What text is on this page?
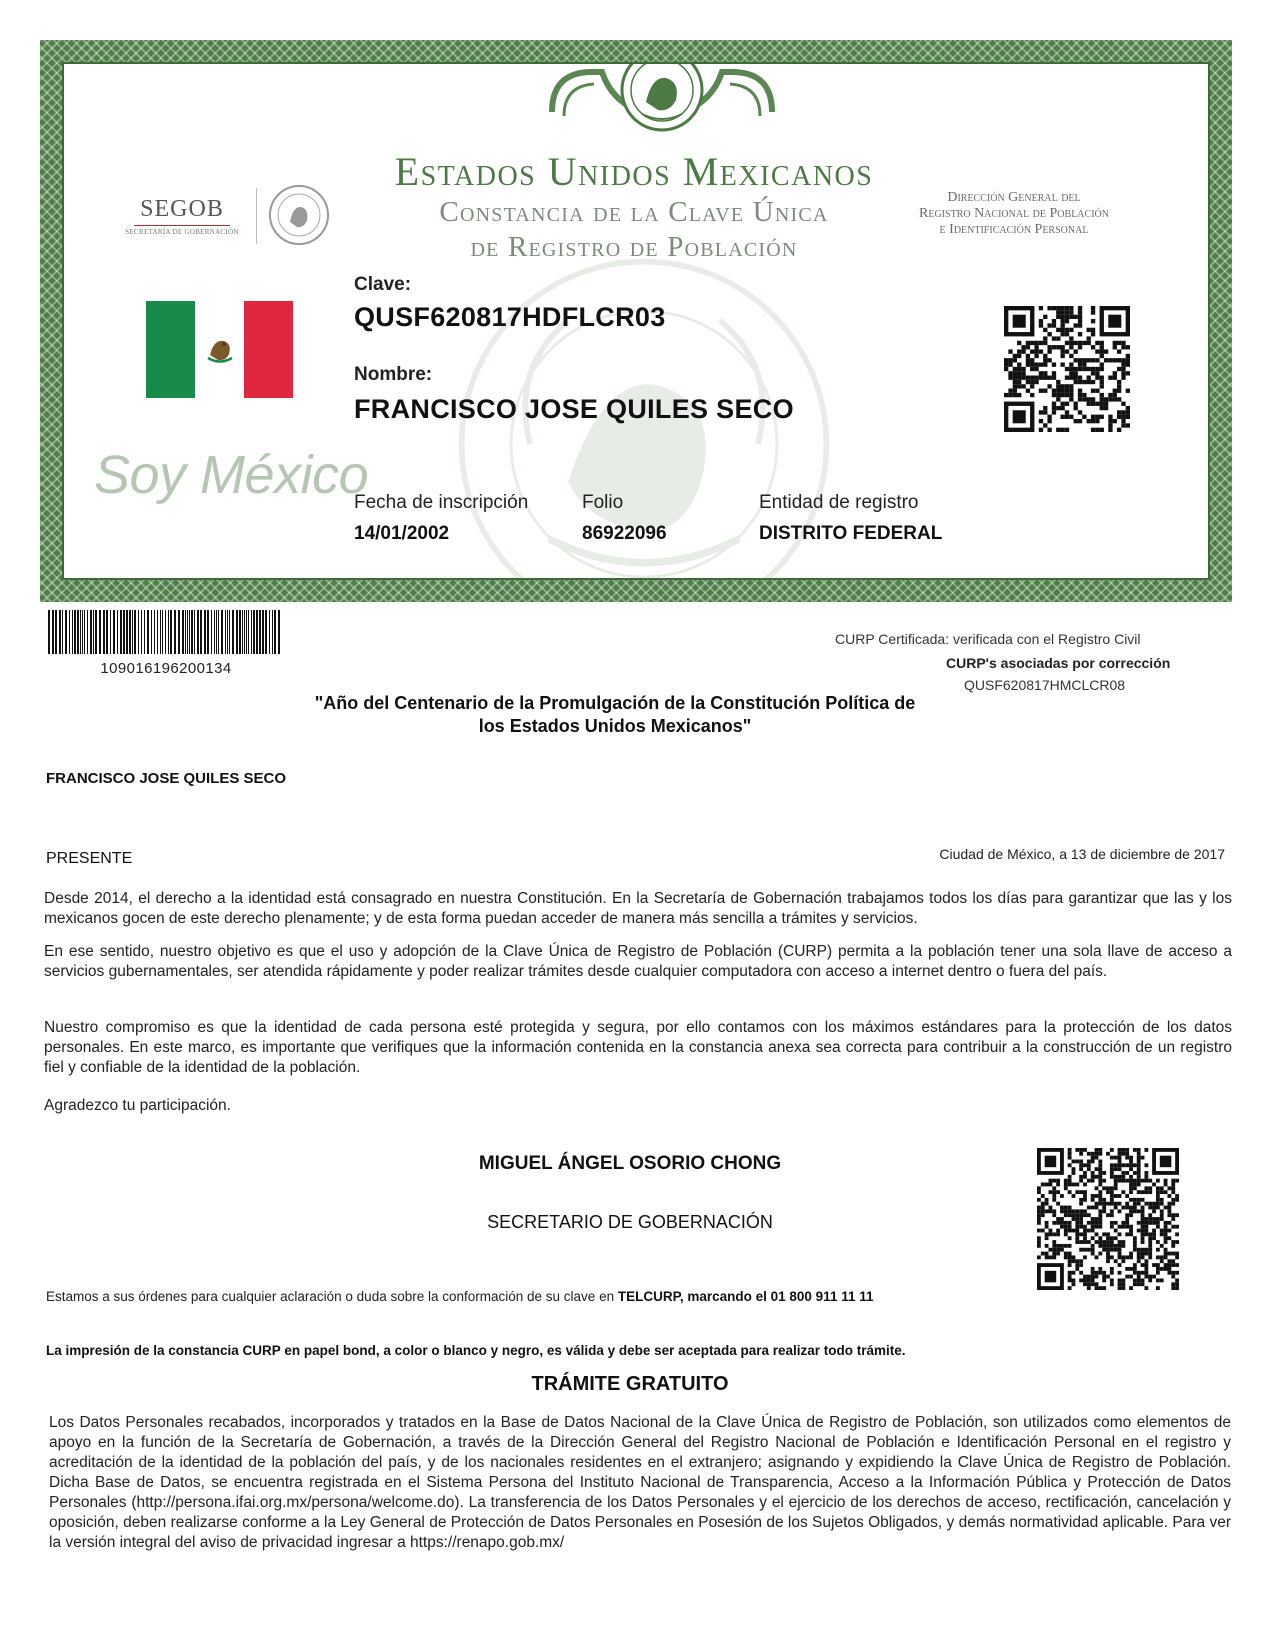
Estados Unidos Mexicanos
Constancia de la Clave Única
de Registro de Población
SEGOB
SECRETARÍA DE GOBERNACIÓN
Dirección General del
Registro Nacional de Población
e Identificación Personal
Soy México
Clave:
QUSF620817HDFLCR03
Nombre:
FRANCISCO JOSE QUILES SECO
Fecha de inscripción
14/01/2002
Folio
86922096
Entidad de registro
DISTRITO FEDERAL
109016196200134
CURP Certificada: verificada con el Registro Civil
CURP's asociadas por corrección
QUSF620817HMCLCR08
"Año del Centenario de la Promulgación de la Constitución Política de
los Estados Unidos Mexicanos"
FRANCISCO JOSE QUILES SECO
PRESENTE	Ciudad de México, a 13 de diciembre de 2017

Desde 2014, el derecho a la identidad está consagrado en nuestra Constitución. En la Secretaría de Gobernación trabajamos todos los días para garantizar que las y los mexicanos gocen de este derecho plenamente; y de esta forma puedan acceder de manera más sencilla a trámites y servicios.

En ese sentido, nuestro objetivo es que el uso y adopción de la Clave Única de Registro de Población (CURP) permita a la población tener una sola llave de acceso a servicios gubernamentales, ser atendida rápidamente y poder realizar trámites desde cualquier computadora con acceso a internet dentro o fuera del país.

Nuestro compromiso es que la identidad de cada persona esté protegida y segura, por ello contamos con los máximos estándares para la protección de los datos personales. En este marco, es importante que verifiques que la información contenida en la constancia anexa sea correcta para contribuir a la construcción de un registro fiel y confiable de la identidad de la población.

Agradezco tu participación.

MIGUEL ÁNGEL OSORIO CHONG
SECRETARIO DE GOBERNACIÓN
Estamos a sus órdenes para cualquier aclaración o duda sobre la conformación de su clave en TELCURP, marcando el 01 800 911 11 11
La impresión de la constancia CURP en papel bond, a color o blanco y negro, es válida y debe ser aceptada para realizar todo trámite.
TRÁMITE GRATUITO

Los Datos Personales recabados, incorporados y tratados en la Base de Datos Nacional de la Clave Única de Registro de Población, son utilizados como elementos de apoyo en la función de la Secretaría de Gobernación, a través de la Dirección General del Registro Nacional de Población e Identificación Personal en el registro y acreditación de la identidad de la población del país, y de los nacionales residentes en el extranjero; asignando y expidiendo la Clave Única de Registro de Población. Dicha Base de Datos, se encuentra registrada en el Sistema Persona del Instituto Nacional de Transparencia, Acceso a la Información Pública y Protección de Datos Personales (http://persona.ifai.org.mx/persona/welcome.do). La transferencia de los Datos Personales y el ejercicio de los derechos de acceso, rectificación, cancelación y oposición, deben realizarse conforme a la Ley General de Protección de Datos Personales en Posesión de los Sujetos Obligados, y demás normatividad aplicable. Para ver la versión integral del aviso de privacidad ingresar a https://renapo.gob.mx/
